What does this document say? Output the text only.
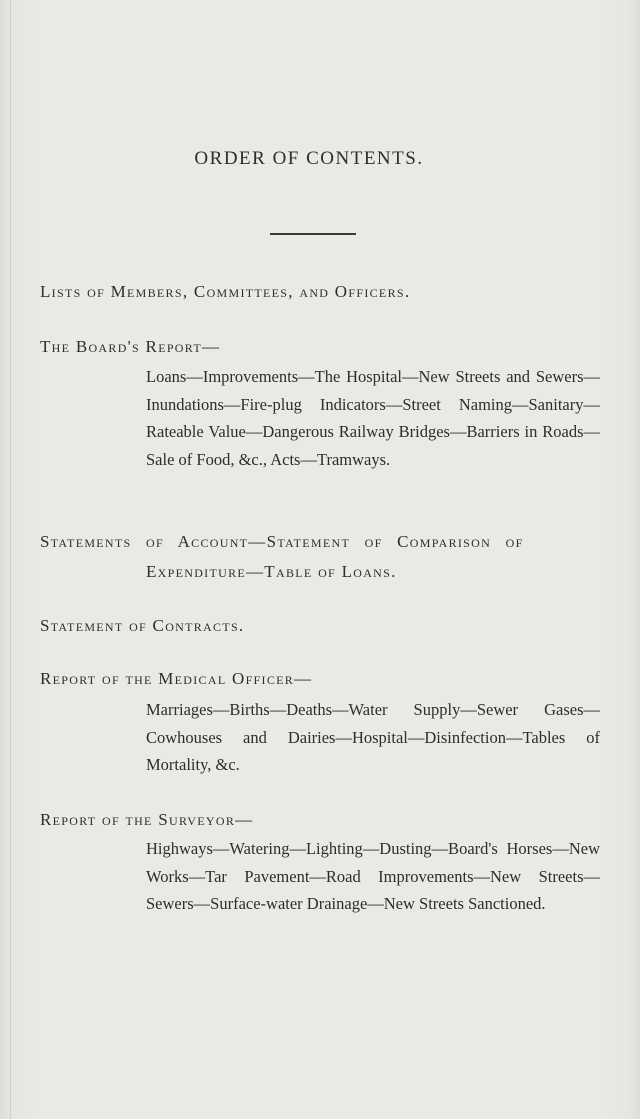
ORDER OF CONTENTS.
Lists of Members, Committees, and Officers.
The Board's Report—
Loans—Improvements—The Hospital—New Streets and Sewers—Inundations—Fire-plug Indicators—Street Naming—Sanitary—Rateable Value—Dangerous Railway Bridges—Barriers in Roads—Sale of Food, &c., Acts—Tramways.
Statements of Account—Statement of Comparison of
Expenditure—Table of Loans.
Statement of Contracts.
Report of the Medical Officer—
Marriages—Births—Deaths—Water Supply—Sewer Gases—Cowhouses and Dairies—Hospital—Disinfection—Tables of Mortality, &c.
Report of the Surveyor—
Highways—Watering—Lighting—Dusting—Board's Horses—New Works—Tar Pavement—Road Improvements—New Streets—Sewers—Surface-water Drainage—New Streets Sanctioned.
